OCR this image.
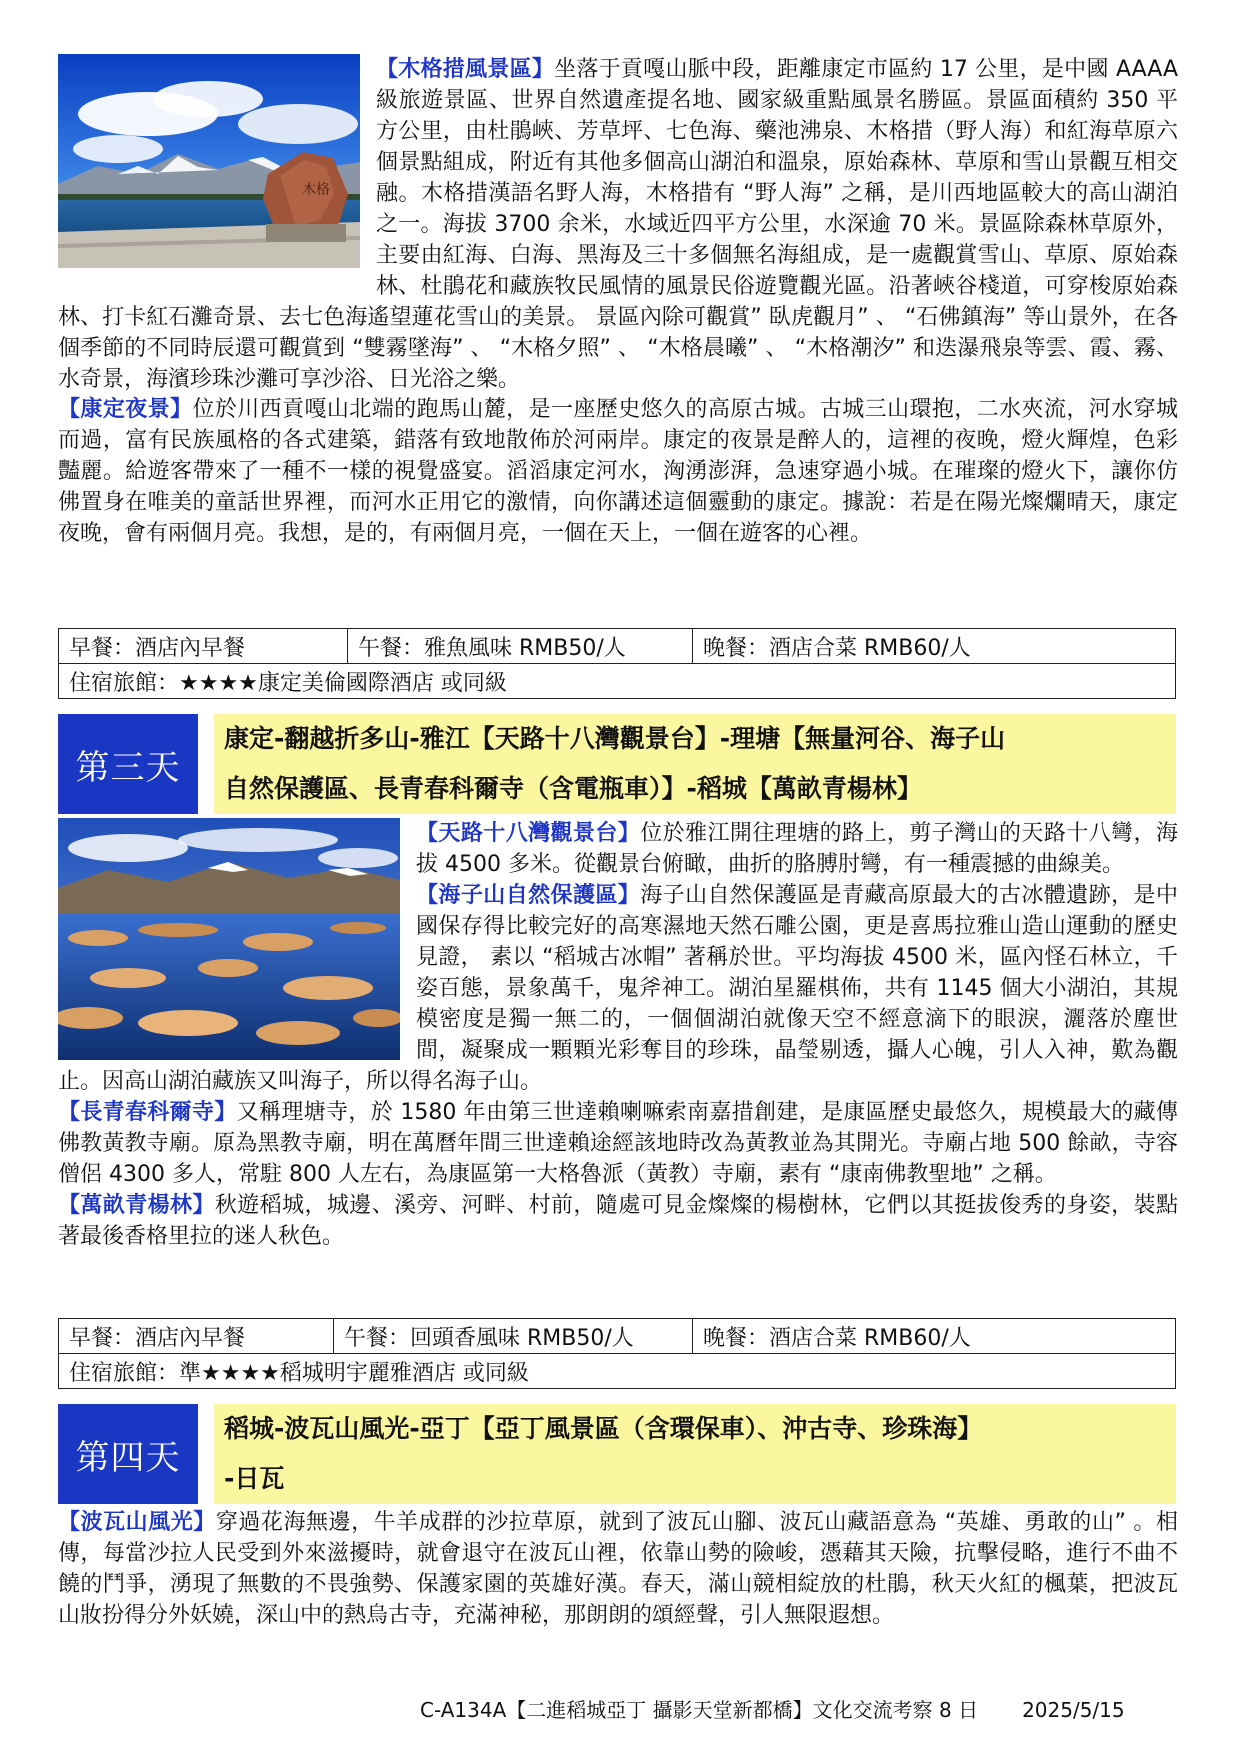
木格
【木格措風景區】坐落于貢嘎山脈中段，距離康定市區約 17 公里，是中國 AAAA 級旅遊景區、世界自然遺產提名地、國家級重點風景名勝區。景區面積約 350 平方公里，由杜鵑峽、芳草坪、七色海、藥池沸泉、木格措（野人海）和紅海草原六個景點組成，附近有其他多個高山湖泊和溫泉，原始森林、草原和雪山景觀互相交融。木格措漢語名野人海，木格措有 “野人海” 之稱，是川西地區較大的高山湖泊之一。海拔 3700 余米，水域近四平方公里，水深逾 70 米。景區除森林草原外，主要由紅海、白海、黑海及三十多個無名海組成，是一處觀賞雪山、草原、原始森林、杜鵑花和藏族牧民風情的風景民俗遊覽觀光區。沿著峽谷棧道，可穿梭原始森林、打卡紅石灘奇景、去七色海遙望蓮花雪山的美景。 景區內除可觀賞” 臥虎觀月” 、 “石佛鎮海” 等山景外，在各個季節的不同時辰還可觀賞到 “雙霧墜海” 、 “木格夕照” 、 “木格晨曦” 、 “木格潮汐” 和迭瀑飛泉等雲、霞、霧、水奇景，海濱珍珠沙灘可享沙浴、日光浴之樂。

【康定夜景】位於川西貢嘎山北端的跑馬山麓，是一座歷史悠久的高原古城。古城三山環抱，二水夾流，河水穿城而過，富有民族風格的各式建築，錯落有致地散佈於河兩岸。康定的夜景是醉人的，這裡的夜晚，燈火輝煌，色彩豔麗。給遊客帶來了一種不一樣的視覺盛宴。滔滔康定河水，洶湧澎湃，急速穿過小城。在璀璨的燈火下，讓你仿佛置身在唯美的童話世界裡，而河水正用它的激情，向你講述這個靈動的康定。據說：若是在陽光燦爛晴天，康定夜晚，會有兩個月亮。我想，是的，有兩個月亮，一個在天上，一個在遊客的心裡。

早餐：酒店內早餐	午餐：雅魚風味 RMB50/人	晚餐：酒店合菜 RMB60/人
住宿旅館：★★★★康定美倫國際酒店 或同級
第三天
康定-翻越折多山-雅江【天路十八灣觀景台】-理塘【無量河谷、海子山
自然保護區、長青春科爾寺（含電瓶車）】-稻城【萬畝青楊林】
【天路十八灣觀景台】位於雅江開往理塘的路上，剪子灣山的天路十八彎，海拔 4500 多米。從觀景台俯瞰，曲折的胳膊肘彎，有一種震撼的曲線美。
【海子山自然保護區】海子山自然保護區是青藏高原最大的古冰體遺跡，是中國保存得比較完好的高寒濕地天然石雕公園，更是喜馬拉雅山造山運動的歷史見證， 素以 “稻城古冰帽” 著稱於世。平均海拔 4500 米，區內怪石林立，千姿百態，景象萬千，鬼斧神工。湖泊星羅棋佈，共有 1145 個大小湖泊，其規模密度是獨一無二的，一個個湖泊就像天空不經意滴下的眼淚，灑落於塵世間，凝聚成一顆顆光彩奪目的珍珠，晶瑩剔透，攝人心魄，引人入神，歎為觀止。因高山湖泊藏族又叫海子，所以得名海子山。
【長青春科爾寺】又稱理塘寺，於 1580 年由第三世達賴喇嘛索南嘉措創建，是康區歷史最悠久，規模最大的藏傳佛教黃教寺廟。原為黑教寺廟，明在萬曆年間三世達賴途經該地時改為黃教並為其開光。寺廟占地 500 餘畝，寺容僧侶 4300 多人，常駐 800 人左右，為康區第一大格魯派（黃教）寺廟，素有 “康南佛教聖地” 之稱。
【萬畝青楊林】秋遊稻城，城邊、溪旁、河畔、村前，隨處可見金燦燦的楊樹林，它們以其挺拔俊秀的身姿，裝點著最後香格里拉的迷人秋色。
早餐：酒店內早餐	午餐：回頭香風味 RMB50/人	晚餐：酒店合菜 RMB60/人
住宿旅館：準★★★★稻城明宇麗雅酒店 或同級
第四天
稻城-波瓦山風光-亞丁【亞丁風景區（含環保車）、沖古寺、珍珠海】
-日瓦

【波瓦山風光】穿過花海無邊，牛羊成群的沙拉草原，就到了波瓦山腳、波瓦山藏語意為 “英雄、勇敢的山” 。相傳，每當沙拉人民受到外來滋擾時，就會退守在波瓦山裡，依靠山勢的險峻，憑藉其天險，抗擊侵略，進行不曲不饒的鬥爭，湧現了無數的不畏強勢、保護家園的英雄好漢。春天，滿山競相綻放的杜鵑，秋天火紅的楓葉，把波瓦山妝扮得分外妖嬈，深山中的熱烏古寺，充滿神秘，那朗朗的頌經聲，引人無限遐想。

C-A134A【二進稻城亞丁 攝影天堂新都橋】文化交流考察 8 日 2025/5/15
